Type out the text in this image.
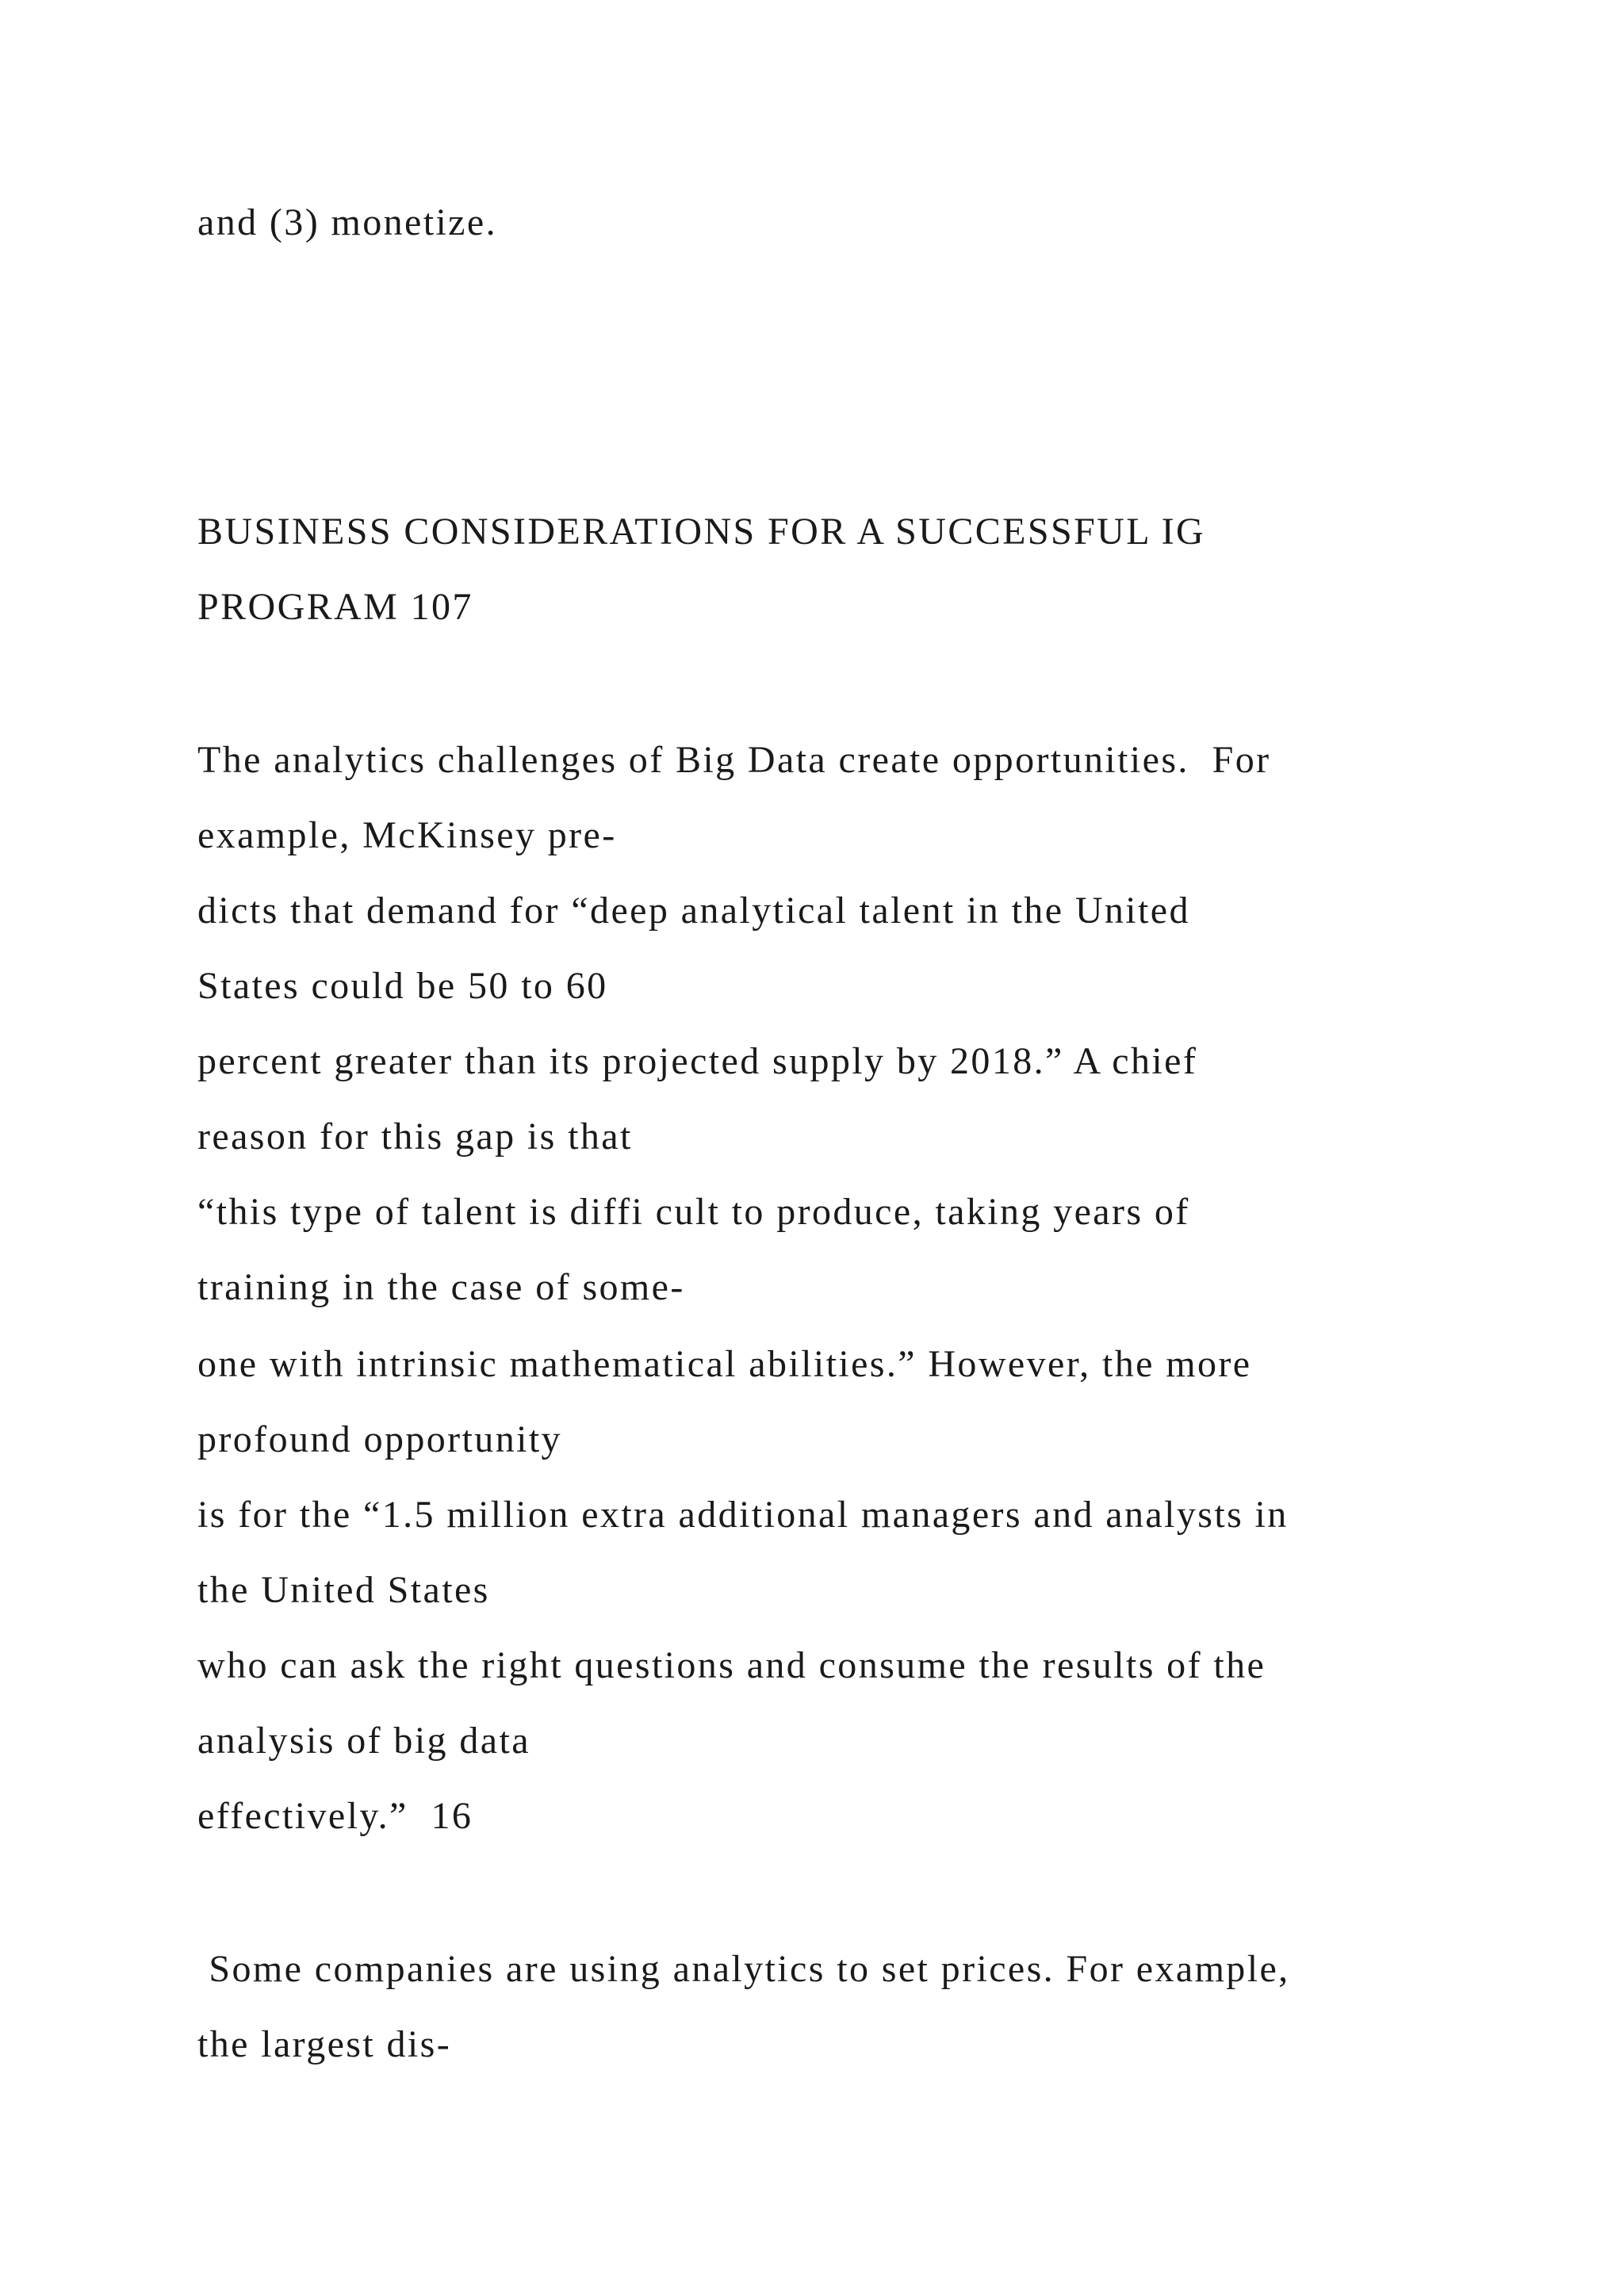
and (3) monetize.
BUSINESS CONSIDERATIONS FOR A SUCCESSFUL IG
PROGRAM 107
The analytics challenges of Big Data create opportunities.  For
example, McKinsey pre-
dicts that demand for “deep analytical talent in the United
States could be 50 to 60
percent greater than its projected supply by 2018.” A chief
reason for this gap is that
“this type of talent is diffi cult to produce, taking years of
training in the case of some-
one with intrinsic mathematical abilities.” However, the more
profound opportunity
is for the “1.5 million extra additional managers and analysts in
the United States
who can ask the right questions and consume the results of the
analysis of big data
effectively.”  16
Some companies are using analytics to set prices. For example,
the largest dis-
